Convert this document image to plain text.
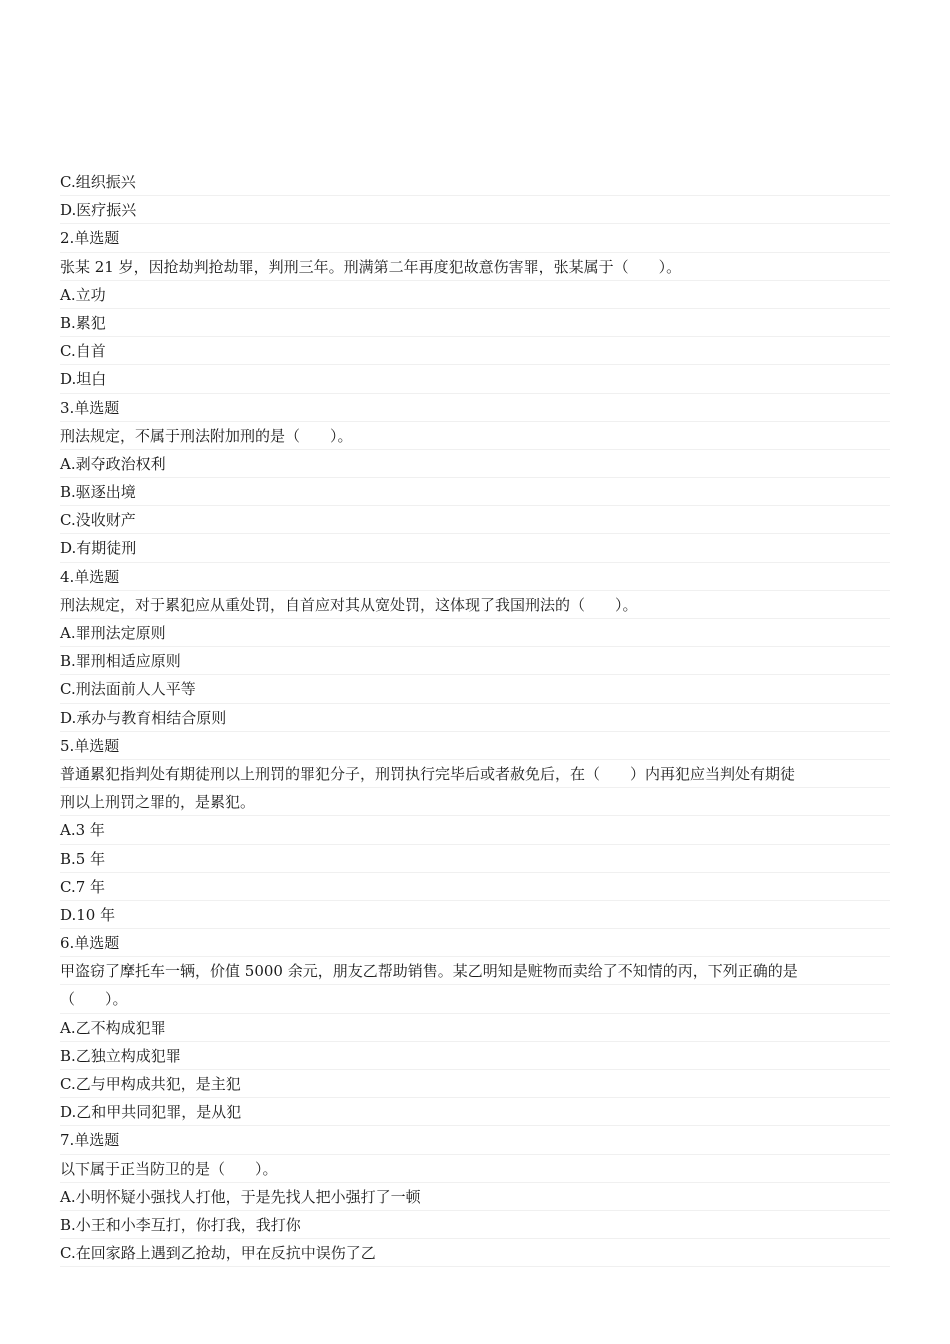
C.组织振兴
D.医疗振兴
2.单选题
张某 21 岁，因抢劫判抢劫罪，判刑三年。刑满第二年再度犯故意伤害罪，张某属于（　　）。
A.立功
B.累犯
C.自首
D.坦白
3.单选题
刑法规定，不属于刑法附加刑的是（　　）。
A.剥夺政治权利
B.驱逐出境
C.没收财产
D.有期徒刑
4.单选题
刑法规定，对于累犯应从重处罚，自首应对其从宽处罚，这体现了我国刑法的（　　）。
A.罪刑法定原则
B.罪刑相适应原则
C.刑法面前人人平等
D.承办与教育相结合原则
5.单选题
普通累犯指判处有期徒刑以上刑罚的罪犯分子，刑罚执行完毕后或者赦免后，在（　　）内再犯应当判处有期徒
刑以上刑罚之罪的，是累犯。
A.3 年
B.5 年
C.7 年
D.10 年
6.单选题
甲盗窃了摩托车一辆，价值 5000 余元，朋友乙帮助销售。某乙明知是赃物而卖给了不知情的丙，下列正确的是
（　　）。
A.乙不构成犯罪
B.乙独立构成犯罪
C.乙与甲构成共犯，是主犯
D.乙和甲共同犯罪，是从犯
7.单选题
以下属于正当防卫的是（　　）。
A.小明怀疑小强找人打他，于是先找人把小强打了一顿
B.小王和小李互打，你打我，我打你
C.在回家路上遇到乙抢劫，甲在反抗中误伤了乙
